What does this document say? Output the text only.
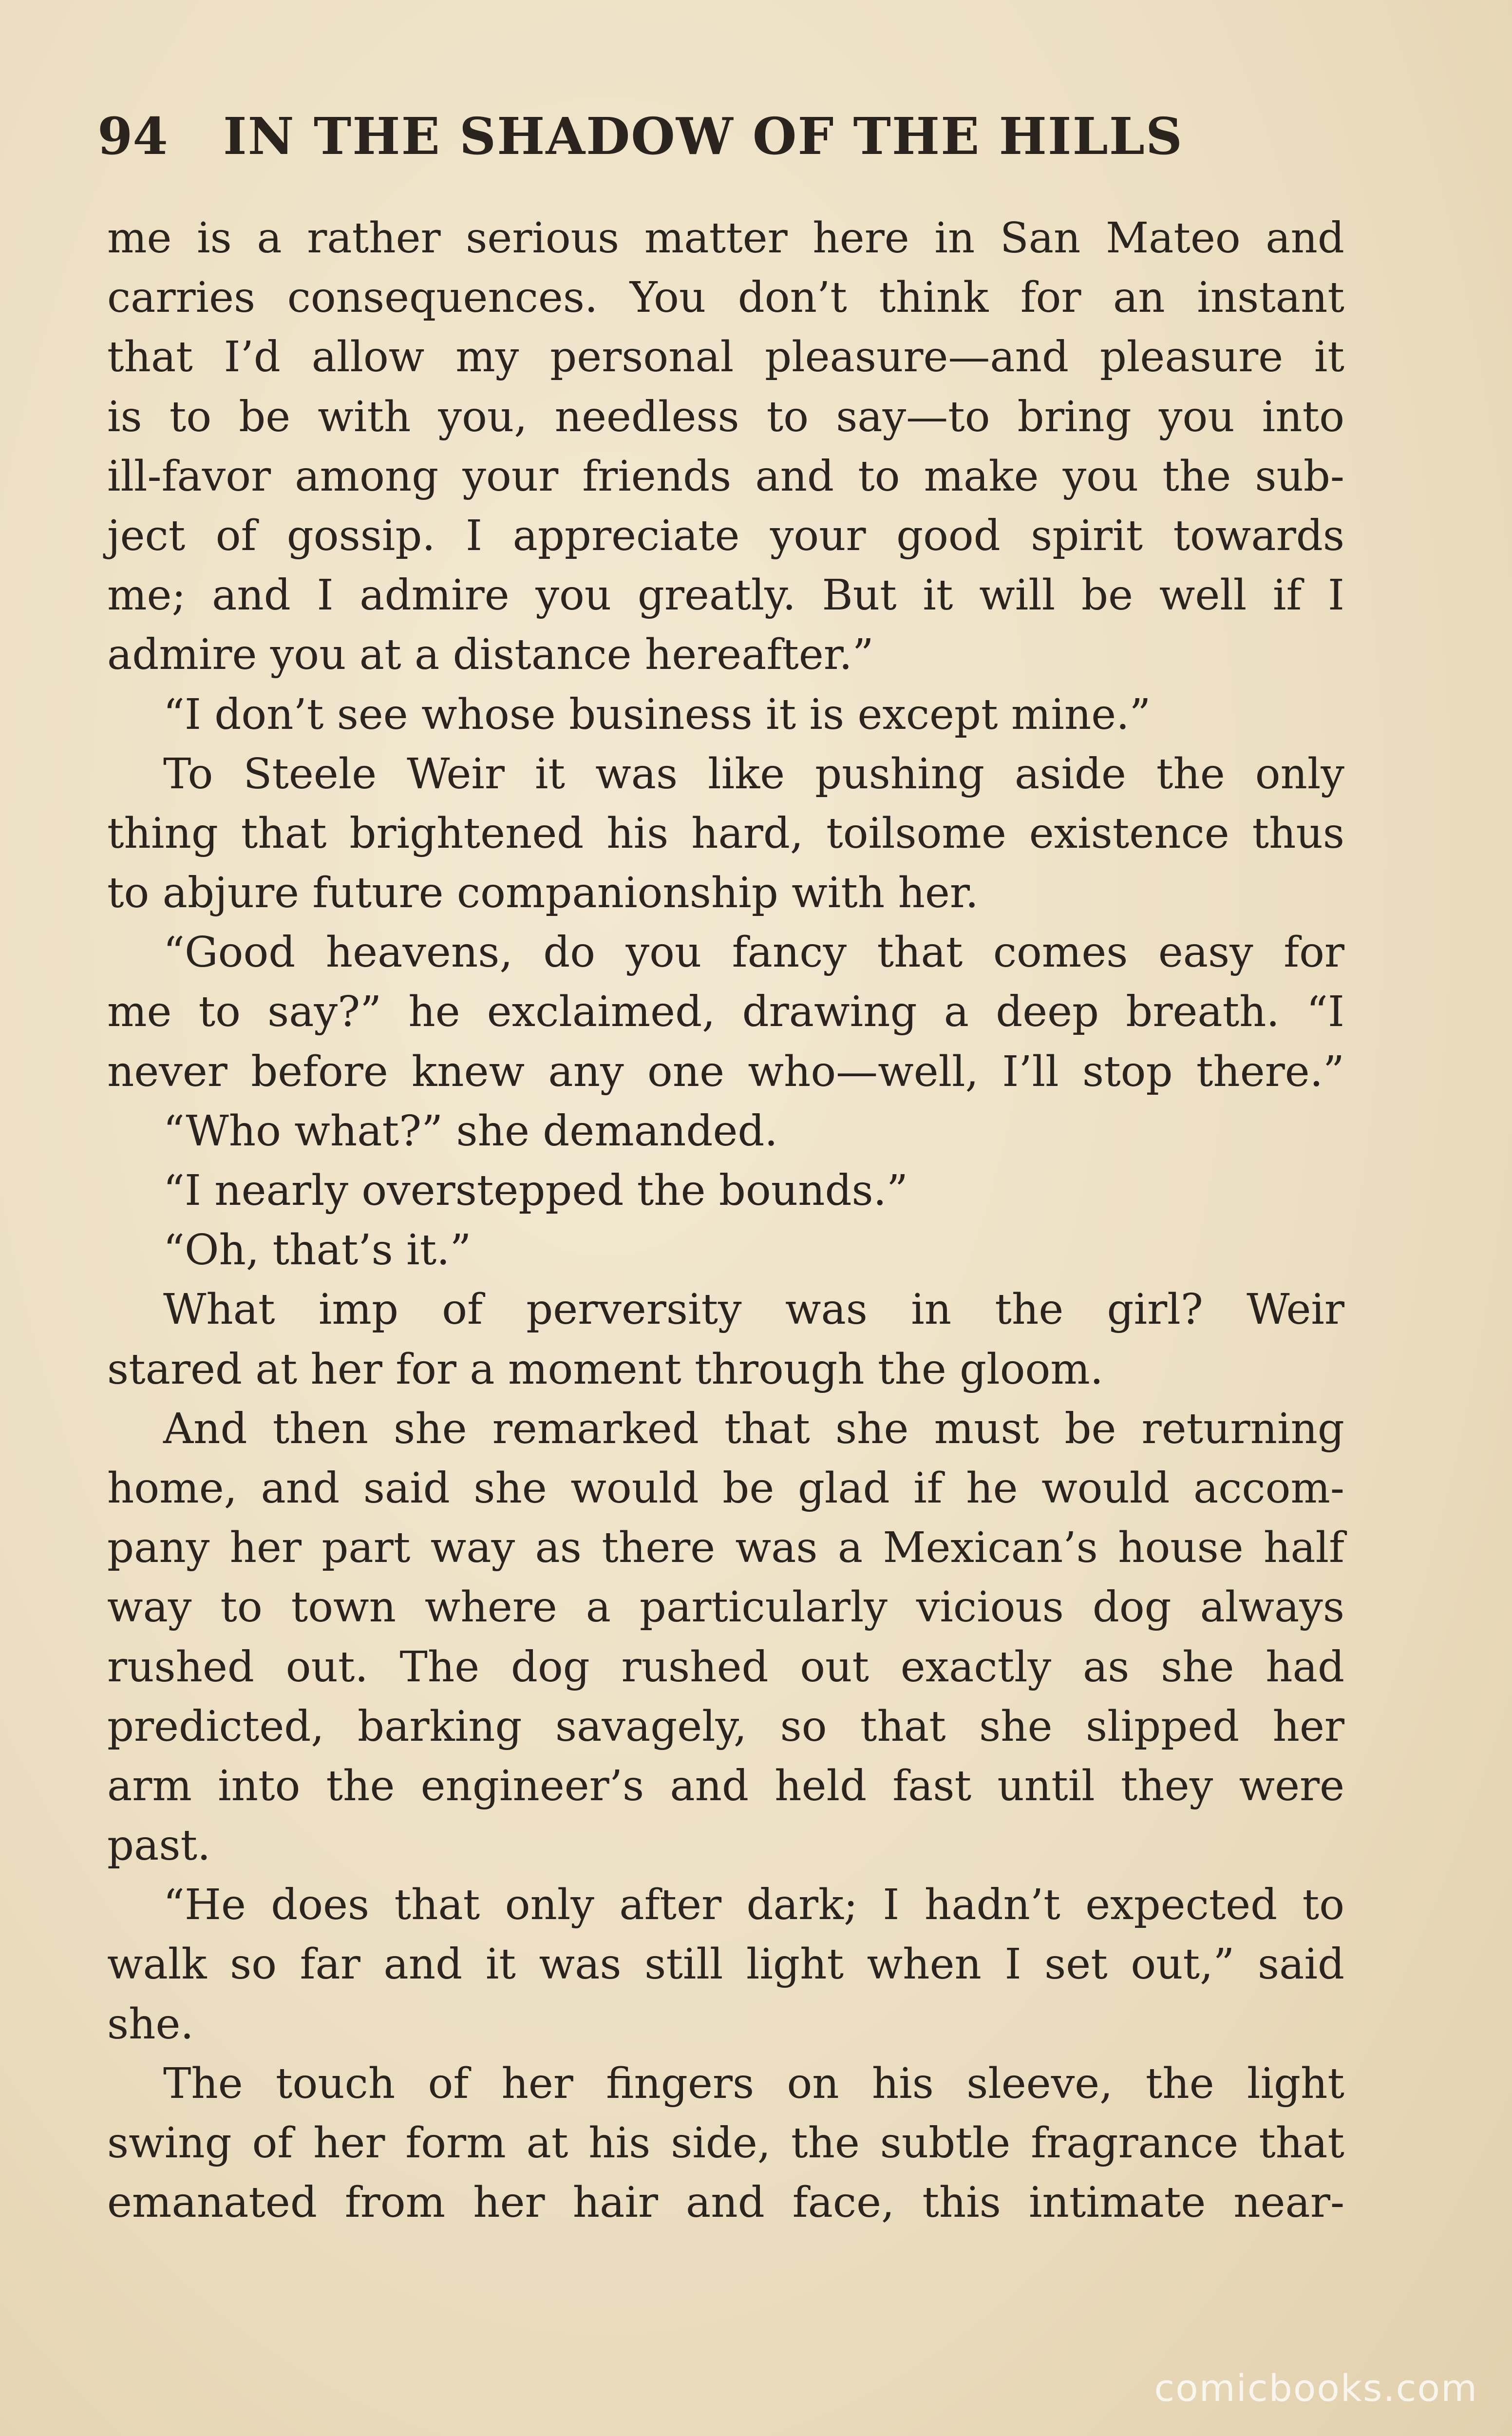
94 IN THE SHADOW OF THE HILLS
me is a rather serious matter here in San Mateo and
carries consequences. You don’t think for an instant
that I’d allow my personal pleasure—and pleasure it
is to be with you, needless to say—to bring you into
ill-favor among your friends and to make you the sub-
ject of gossip. I appreciate your good spirit towards
me; and I admire you greatly. But it will be well if I
admire you at a distance hereafter.”
“I don’t see whose business it is except mine.”
To Steele Weir it was like pushing aside the only
thing that brightened his hard, toilsome existence thus
to abjure future companionship with her.
“Good heavens, do you fancy that comes easy for
me to say?” he exclaimed, drawing a deep breath. “I
never before knew any one who—well, I’ll stop there.”
“Who what?” she demanded.
“I nearly overstepped the bounds.”
“Oh, that’s it.”
What imp of perversity was in the girl? Weir
stared at her for a moment through the gloom.
And then she remarked that she must be returning
home, and said she would be glad if he would accom-
pany her part way as there was a Mexican’s house half
way to town where a particularly vicious dog always
rushed out. The dog rushed out exactly as she had
predicted, barking savagely, so that she slipped her
arm into the engineer’s and held fast until they were
past.
“He does that only after dark; I hadn’t expected to
walk so far and it was still light when I set out,” said
she.
The touch of her fingers on his sleeve, the light
swing of her form at his side, the subtle fragrance that
emanated from her hair and face, this intimate near-
comicbooks.com
